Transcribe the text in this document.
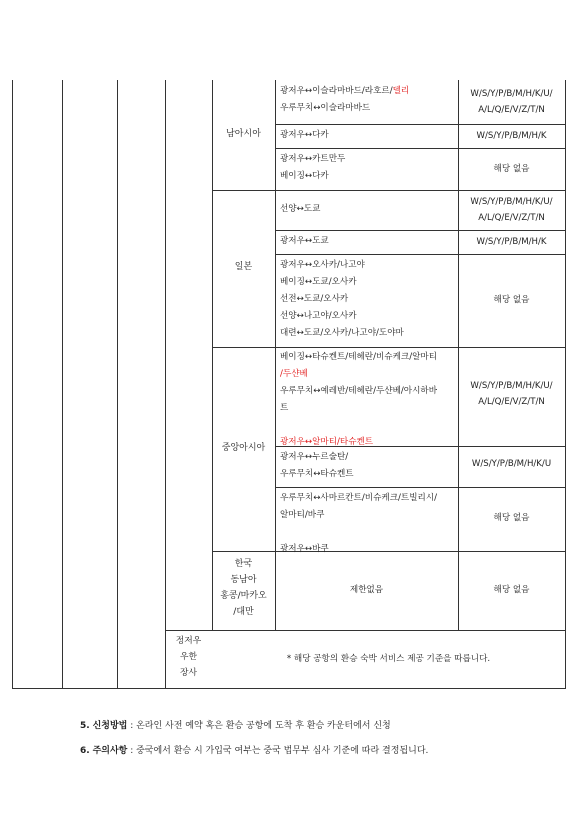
남아시아
일본
중앙아시아
한국
동남아
홍콩/마카오
/대만
광저우↔이슬라마바드/라호르/델리
우루무치↔이슬라마바드
광저우↔다카
광저우↔카트만두
베이징↔다카
선양↔도쿄
광저우↔도쿄
광저우↔오사카/나고야
베이징↔도쿄/오사카
선전↔도쿄/오사카
선양↔나고야/오사카
대련↔도쿄/오사카/나고야/도야마
베이징↔타슈켄트/테헤란/비슈케크/알마티
/두샨베
우루무치↔예레반/테헤란/두샨베/아시하바
트

광저우↔알마티/타슈켄트
광저우↔누르술탄/
우루무치↔타슈켄트
우루무치↔사마르칸트/비슈케크/트빌리시/
알마티/바쿠

광저우↔바쿠
제한없음
W/S/Y/P/B/M/H/K/U/
A/L/Q/E/V/Z/T/N
W/S/Y/P/B/M/H/K
해당 없음
W/S/Y/P/B/M/H/K/U/
A/L/Q/E/V/Z/T/N
W/S/Y/P/B/M/H/K
해당 없음
W/S/Y/P/B/M/H/K/U/
A/L/Q/E/V/Z/T/N
W/S/Y/P/B/M/H/K/U
해당 없음
해당 없음
정저우
우한
장사
* 해당 공항의 환승 숙박 서비스 제공 기준을 따릅니다.
5. 신청방법 : 온라인 사전 예약 혹은 환승 공항에 도착 후 환승 카운터에서 신청
6. 주의사항 : 중국에서 환승 시 가입국 여부는 중국 법무부 심사 기준에 따라 결정됩니다.
